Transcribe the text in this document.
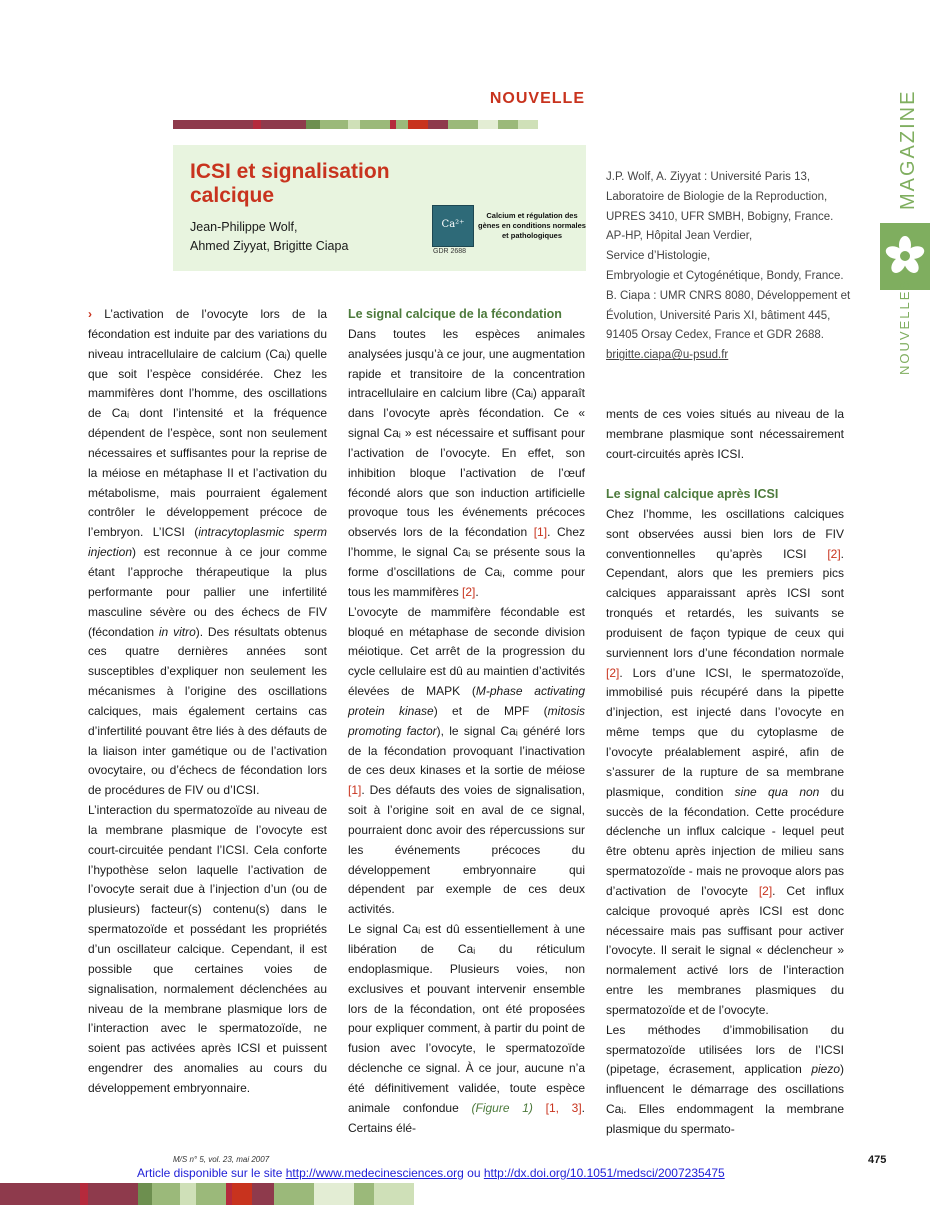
NOUVELLE
ICSI et signalisation calcique
Jean-Philippe Wolf,
Ahmed Ziyyat, Brigitte Ciapa
Ca²⁺
GDR 2688
Calcium et régulation des gènes en conditions normales et pathologiques
J.P. Wolf, A. Ziyyat : Université Paris 13,
Laboratoire de Biologie de la Reproduction,
UPRES 3410, UFR SMBH, Bobigny, France.
AP-HP, Hôpital Jean Verdier,
Service d’Histologie,
Embryologie et Cytogénétique, Bondy, France.
B. Ciapa : UMR CNRS 8080, Développement et
Évolution, Université Paris XI, bâtiment 445,
91405 Orsay Cedex, France et GDR 2688.
brigitte.ciapa@u-psud.fr
MAGAZINE
NOUVELLES

› L’activation de l’ovocyte lors de la fécondation est induite par des variations du niveau intracellulaire de calcium (Caᵢ) quelle que soit l’espèce considérée. Chez les mammifères dont l’homme, des oscillations de Caᵢ dont l’intensité et la fréquence dépendent de l’espèce, sont non seulement nécessaires et suffisantes pour la reprise de la méiose en métaphase II et l’activation du métabolisme, mais pourraient également contrôler le développement précoce de l’embryon. L’ICSI (intracytoplasmic sperm injection) est reconnue à ce jour comme étant l’approche thérapeutique la plus performante pour pallier une infertilité masculine sévère ou des échecs de FIV (fécondation in vitro). Des résultats obtenus ces quatre dernières années sont susceptibles d’expliquer non seulement les mécanismes à l’origine des oscillations calciques, mais également certains cas d’infertilité pouvant être liés à des défauts de la liaison inter gamétique ou de l’activation ovocytaire, ou d’échecs de fécondation lors de procédures de FIV ou d’ICSI.

L’interaction du spermatozoïde au niveau de la membrane plasmique de l’ovocyte est court-circuitée pendant l’ICSI. Cela conforte l’hypothèse selon laquelle l’activation de l’ovocyte serait due à l’injection d’un (ou de plusieurs) facteur(s) contenu(s) dans le spermatozoïde et possédant les propriétés d’un oscillateur calcique. Cependant, il est possible que certaines voies de signalisation, normalement déclenchées au niveau de la membrane plasmique lors de l’interaction avec le spermatozoïde, ne soient pas activées après ICSI et puissent engendrer des anomalies au cours du développement embryonnaire.

Le signal calcique de la fécondation

Dans toutes les espèces animales analysées jusqu’à ce jour, une augmentation rapide et transitoire de la concentration intracellulaire en calcium libre (Caᵢ) apparaît dans l’ovocyte après fécondation. Ce « signal Caᵢ » est nécessaire et suffisant pour l’activation de l’ovocyte. En effet, son inhibition bloque l’activation de l’œuf fécondé alors que son induction artificielle provoque tous les événements précoces observés lors de la fécondation [1]. Chez l’homme, le signal Caᵢ se présente sous la forme d’oscillations de Caᵢ, comme pour tous les mammifères [2].

L’ovocyte de mammifère fécondable est bloqué en métaphase de seconde division méiotique. Cet arrêt de la progression du cycle cellulaire est dû au maintien d’activités élevées de MAPK (M-phase activating protein kinase) et de MPF (mitosis promoting factor), le signal Caᵢ généré lors de la fécondation provoquant l’inactivation de ces deux kinases et la sortie de méiose [1]. Des défauts des voies de signalisation, soit à l’origine soit en aval de ce signal, pourraient donc avoir des répercussions sur les événements précoces du développement embryonnaire qui dépendent par exemple de ces deux activités.

Le signal Caᵢ est dû essentiellement à une libération de Caᵢ du réticulum endoplasmique. Plusieurs voies, non exclusives et pouvant intervenir ensemble lors de la fécondation, ont été proposées pour expliquer comment, à partir du point de fusion avec l’ovocyte, le spermatozoïde déclenche ce signal. À ce jour, aucune n’a été définitivement validée, toute espèce animale confondue (Figure 1) [1, 3]. Certains élé-

ments de ces voies situés au niveau de la membrane plasmique sont nécessairement court-circuités après ICSI.

Le signal calcique après ICSI

Chez l’homme, les oscillations calciques sont observées aussi bien lors de FIV conventionnelles qu’après ICSI [2]. Cependant, alors que les premiers pics calciques apparaissant après ICSI sont tronqués et retardés, les suivants se produisent de façon typique de ceux qui surviennent lors d’une fécondation normale [2]. Lors d’une ICSI, le spermatozoïde, immobilisé puis récupéré dans la pipette d’injection, est injecté dans l’ovocyte en même temps que du cytoplasme de l’ovocyte préalablement aspiré, afin de s’assurer de la rupture de sa membrane plasmique, condition sine qua non du succès de la fécondation. Cette procédure déclenche un influx calcique - lequel peut être obtenu après injection de milieu sans spermatozoïde - mais ne provoque alors pas d’activation de l’ovocyte [2]. Cet influx calcique provoqué après ICSI est donc nécessaire mais pas suffisant pour activer l’ovocyte. Il serait le signal « déclencheur » normalement activé lors de l’interaction entre les membranes plasmiques du spermatozoïde et de l’ovocyte.

Les méthodes d’immobilisation du spermatozoïde utilisées lors de l’ICSI (pipetage, écrasement, application piezo) influencent le démarrage des oscillations Caᵢ. Elles endommagent la membrane plasmique du spermato-

M/S n° 5, vol. 23, mai 2007
Article disponible sur le site http://www.medecinesciences.org ou http://dx.doi.org/10.1051/medsci/2007235475
475
